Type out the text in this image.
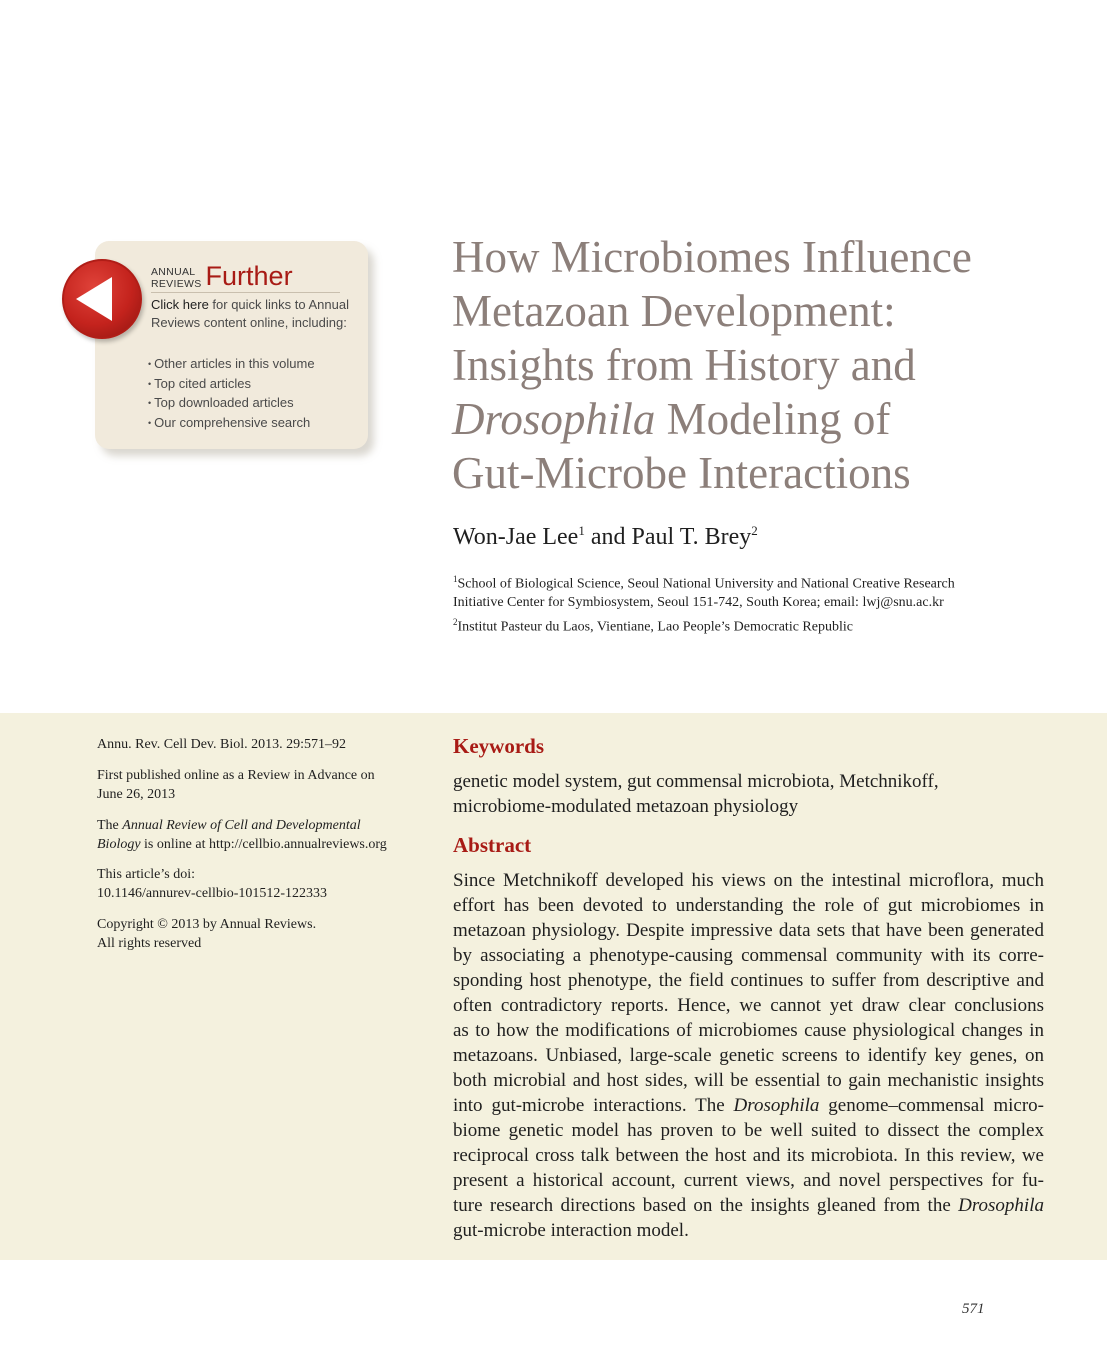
ANNUAL
REVIEWS Further
Click here for quick links to Annual Reviews content online, including:
• Other articles in this volume
• Top cited articles
• Top downloaded articles
• Our comprehensive search
How Microbiomes Influence
Metazoan Development:
Insights from History and
Drosophila Modeling of
Gut-Microbe Interactions
Won-Jae Lee$^1$ and Paul T. Brey$^2$
$^1$School of Biological Science, Seoul National University and National Creative Research
Initiative Center for Symbiosystem, Seoul 151-742, South Korea; email: lwj@snu.ac.kr
$^2$Institut Pasteur du Laos, Vientiane, Lao People’s Democratic Republic
Annu. Rev. Cell Dev. Biol. 2013. 29:571–92
First published online as a Review in Advance on
June 26, 2013
The Annual Review of Cell and Developmental
Biology is online at http://cellbio.annualreviews.org
This article’s doi:
10.1146/annurev-cellbio-101512-122333
Copyright © 2013 by Annual Reviews.
All rights reserved
Keywords
genetic model system, gut commensal microbiota, Metchnikoff,
microbiome-modulated metazoan physiology
Abstract
Since Metchnikoff developed his views on the intestinal microflora, much
effort has been devoted to understanding the role of gut microbiomes in
metazoan physiology. Despite impressive data sets that have been generated
by associating a phenotype-causing commensal community with its corre-
sponding host phenotype, the field continues to suffer from descriptive and
often contradictory reports. Hence, we cannot yet draw clear conclusions
as to how the modifications of microbiomes cause physiological changes in
metazoans. Unbiased, large-scale genetic screens to identify key genes, on
both microbial and host sides, will be essential to gain mechanistic insights
into gut-microbe interactions. The Drosophila genome–commensal micro-
biome genetic model has proven to be well suited to dissect the complex
reciprocal cross talk between the host and its microbiota. In this review, we
present a historical account, current views, and novel perspectives for fu-
ture research directions based on the insights gleaned from the Drosophila
gut-microbe interaction model.
571
